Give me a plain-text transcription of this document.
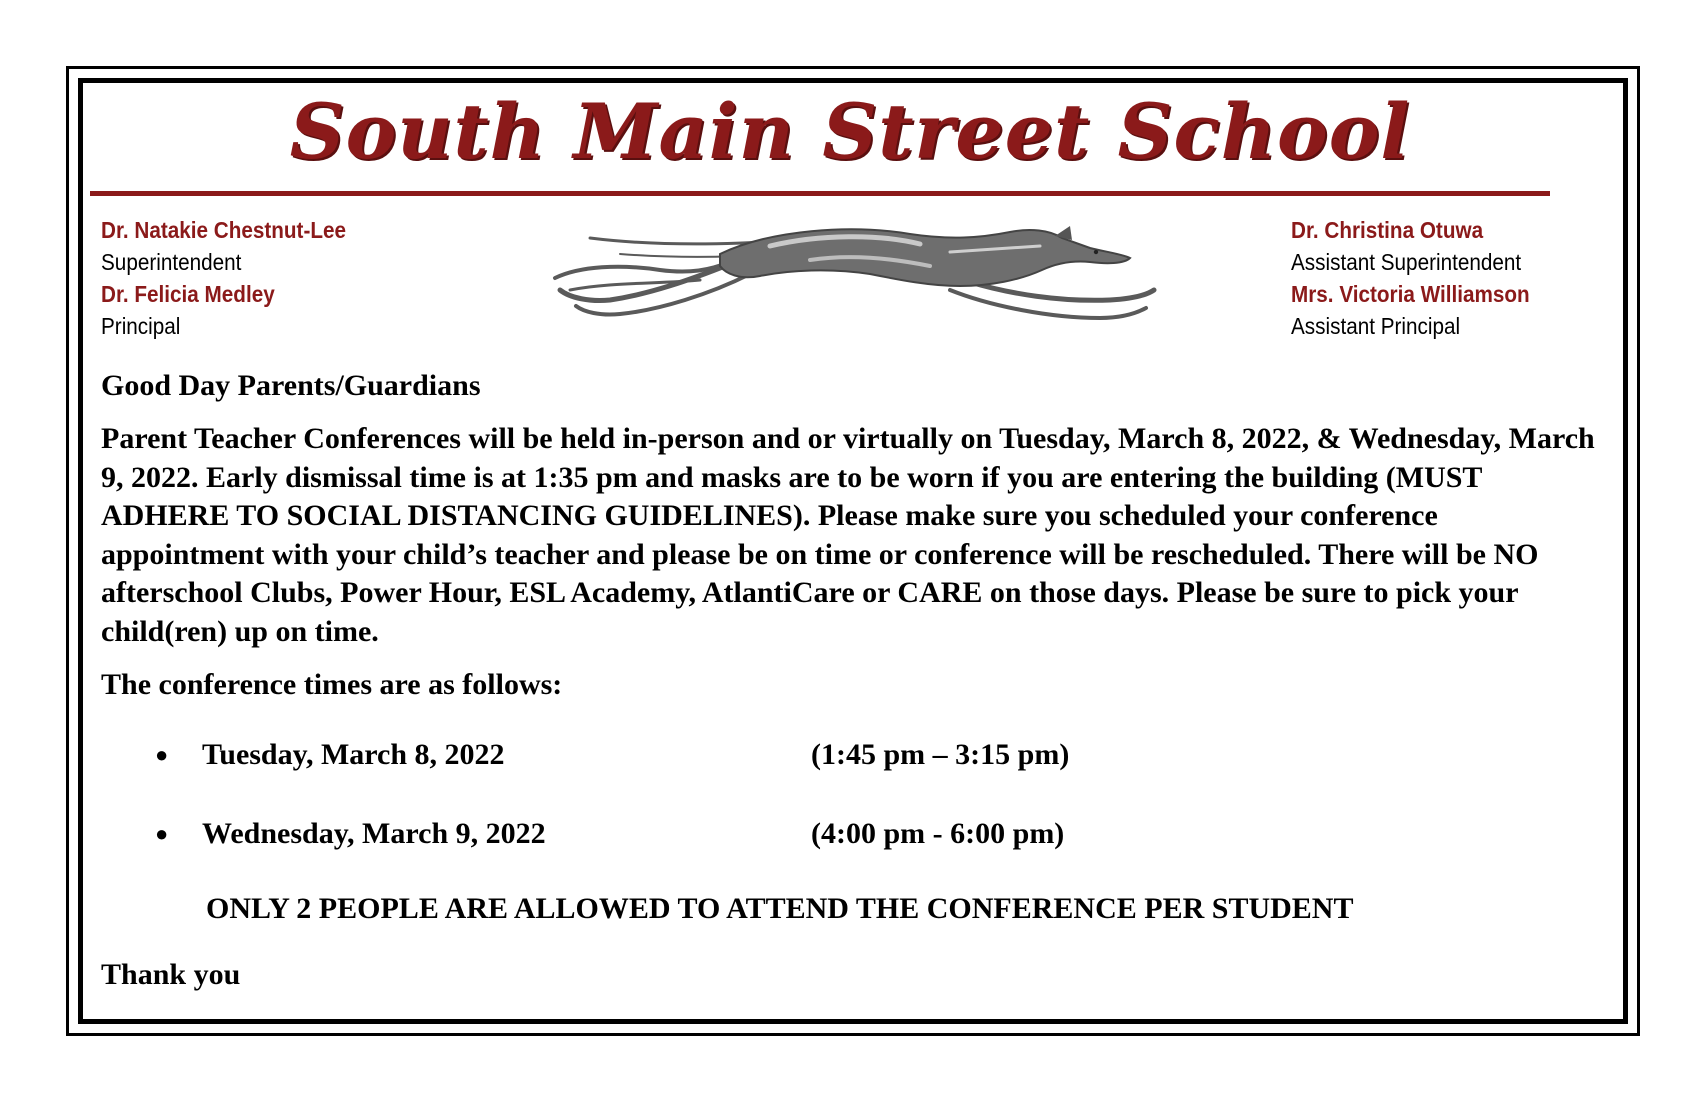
South Main Street School
Dr. Natakie Chestnut-Lee
Superintendent
Dr. Felicia Medley
Principal
Dr. Christina Otuwa
Assistant Superintendent
Mrs. Victoria Williamson
Assistant Principal

Good Day Parents/Guardians

Parent Teacher Conferences will be held in-person and or virtually on Tuesday, March 8, 2022, & Wednesday, March 9, 2022. Early dismissal time is at 1:35 pm and masks are to be worn if you are entering the building (MUST ADHERE TO SOCIAL DISTANCING GUIDELINES). Please make sure you scheduled your conference appointment with your child’s teacher and please be on time or conference will be rescheduled. There will be NO afterschool Clubs, Power Hour, ESL Academy, AtlantiCare or CARE on those days. Please be sure to pick your child(ren) up on time.

The conference times are as follows:

● Tuesday, March 8, 2022	(1:45 pm – 3:15 pm)
● Wednesday, March 9, 2022	(4:00 pm - 6:00 pm)

ONLY 2 PEOPLE ARE ALLOWED TO ATTEND THE CONFERENCE PER STUDENT

Thank you
